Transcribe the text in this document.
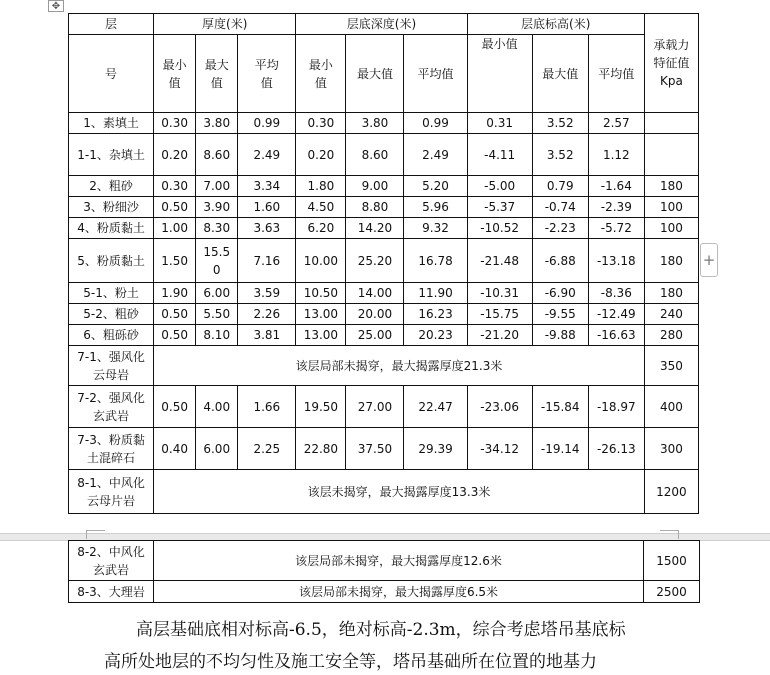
✥
+
层	厚度(米)			层底深度(米)			层底标高(米)			承载力特征值Kpa
号	最小值	最大值	平均值	最小值	最大值	平均值	最小值	最大值	平均值	
1、素填土	0.30	3.80	0.99	0.30	3.80	0.99	0.31	3.52	2.57	
1-1、杂填土	0.20	8.60	2.49	0.20	8.60	2.49	-4.11	3.52	1.12	
2、粗砂	0.30	7.00	3.34	1.80	9.00	5.20	-5.00	0.79	-1.64	180
3、粉细沙	0.50	3.90	1.60	4.50	8.80	5.96	-5.37	-0.74	-2.39	100
4、粉质黏土	1.00	8.30	3.63	6.20	14.20	9.32	-10.52	-2.23	-5.72	100
5、粉质黏土	1.50	15.50	7.16	10.00	25.20	16.78	-21.48	-6.88	-13.18	180
5-1、粉土	1.90	6.00	3.59	10.50	14.00	11.90	-10.31	-6.90	-8.36	180
5-2、粗砂	0.50	5.50	2.26	13.00	20.00	16.23	-15.75	-9.55	-12.49	240
6、粗砾砂	0.50	8.10	3.81	13.00	25.00	20.23	-21.20	-9.88	-16.63	280
7-1、强风化云母岩	该层局部未揭穿，最大揭露厚度21.3米									350
7-2、强风化玄武岩	0.50	4.00	1.66	19.50	27.00	22.47	-23.06	-15.84	-18.97	400
7-3、粉质黏土混碎石	0.40	6.00	2.25	22.80	37.50	29.39	-34.12	-19.14	-26.13	300
8-1、中风化云母片岩	该层未揭穿，最大揭露厚度13.3米									1200
8-2、中风化玄武岩	该层局部未揭穿，最大揭露厚度12.6米	1500
8-3、大理岩	该层局部未揭穿，最大揭露厚度6.5米	2500
高层基础底相对标高-6.5，绝对标高-2.3m，综合考虑塔吊基底标
高所处地层的不均匀性及施工安全等，塔吊基础所在位置的地基力
